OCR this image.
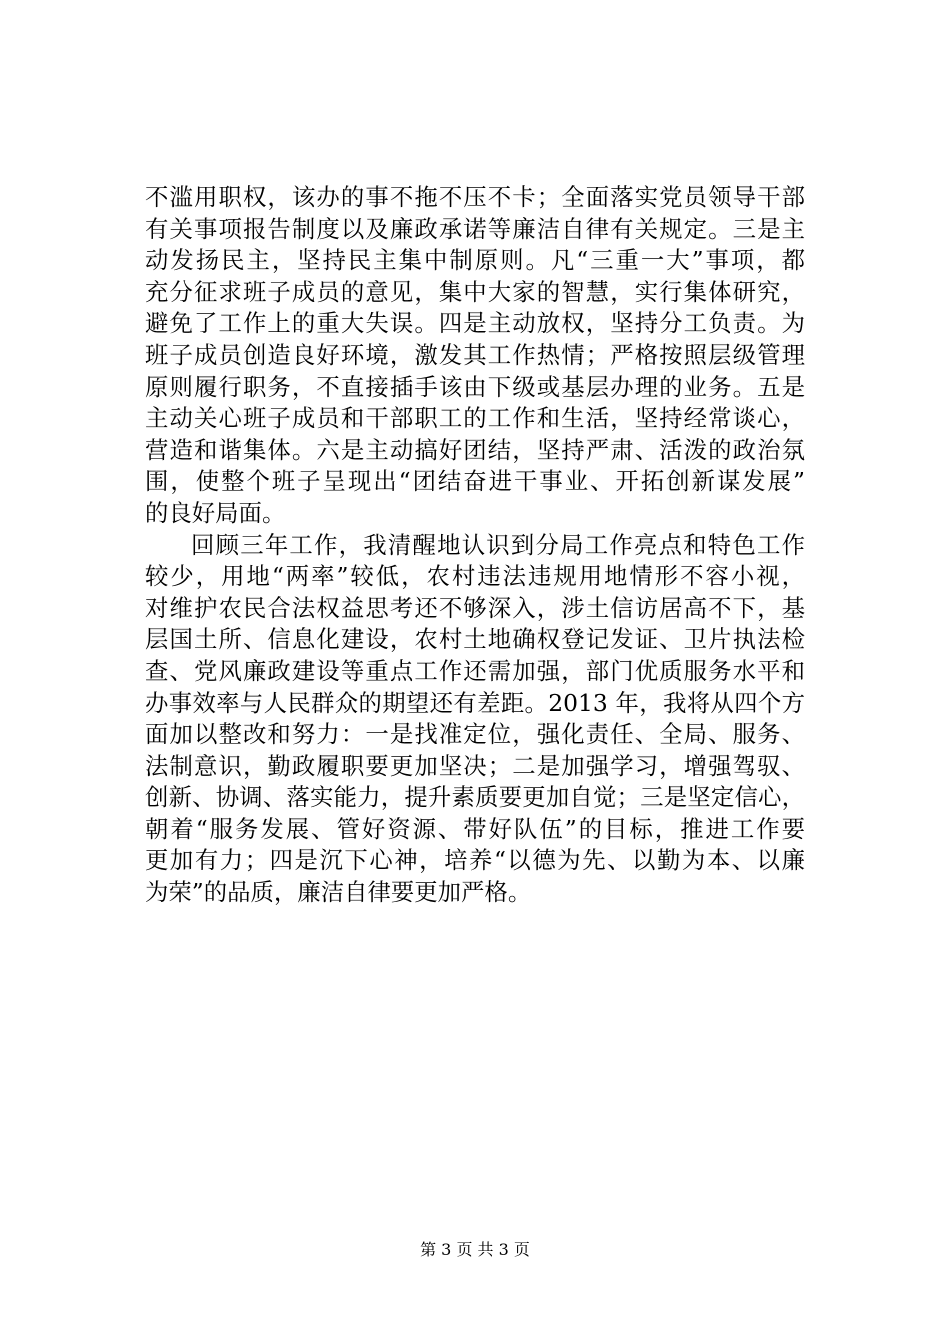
不滥用职权，该办的事不拖不压不卡；全面落实党员领导干部
有关事项报告制度以及廉政承诺等廉洁自律有关规定。三是主
动发扬民主，坚持民主集中制原则。凡“三重一大”事项，都
充分征求班子成员的意见，集中大家的智慧，实行集体研究，
避免了工作上的重大失误。四是主动放权，坚持分工负责。为
班子成员创造良好环境，激发其工作热情；严格按照层级管理
原则履行职务，不直接插手该由下级或基层办理的业务。五是
主动关心班子成员和干部职工的工作和生活，坚持经常谈心，
营造和谐集体。六是主动搞好团结，坚持严肃、活泼的政治氛
围，使整个班子呈现出“团结奋进干事业、开拓创新谋发展”
的良好局面。
回顾三年工作，我清醒地认识到分局工作亮点和特色工作
较少，用地“两率”较低，农村违法违规用地情形不容小视，
对维护农民合法权益思考还不够深入，涉土信访居高不下，基
层国土所、信息化建设，农村土地确权登记发证、卫片执法检
查、党风廉政建设等重点工作还需加强，部门优质服务水平和
办事效率与人民群众的期望还有差距。2013 年，我将从四个方
面加以整改和努力：一是找准定位，强化责任、全局、服务、
法制意识，勤政履职要更加坚决；二是加强学习，增强驾驭、
创新、协调、落实能力，提升素质要更加自觉；三是坚定信心，
朝着“服务发展、管好资源、带好队伍”的目标，推进工作要
更加有力；四是沉下心神，培养“以德为先、以勤为本、以廉
为荣”的品质，廉洁自律要更加严格。
第 3 页 共 3 页
